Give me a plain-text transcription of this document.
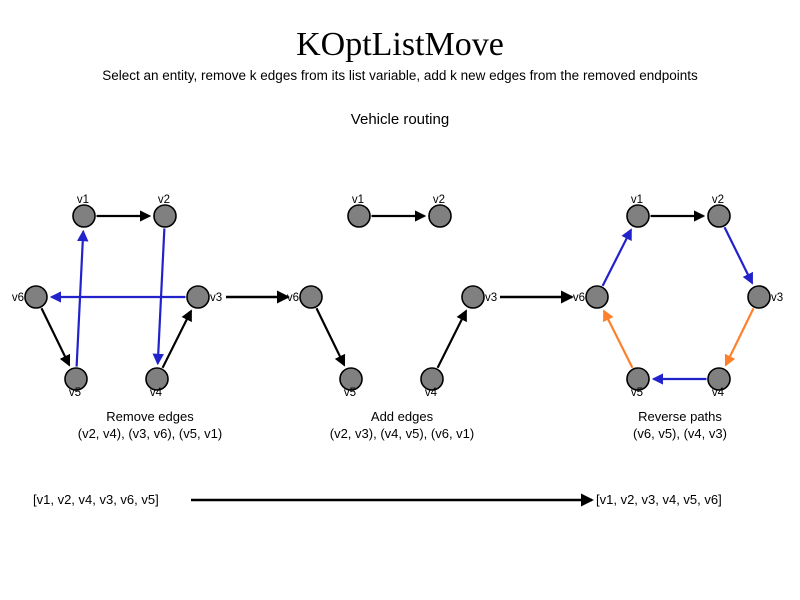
KOptListMove
Select an entity, remove k edges from its list variable, add k new edges from the removed endpoints
Vehicle routing
v1	v2
v3
v4
v5
v6
v1	v2
v3
v4
v5
v6
v1	v2
v3
v4
v5
v6
Remove edges
(v2, v4), (v3, v6), (v5, v1)
Add edges
(v2, v3), (v4, v5), (v6, v1)
Reverse paths
(v6, v5), (v4, v3)
[v1, v2, v4, v3, v6, v5]	[v1, v2, v3, v4, v5, v6]
